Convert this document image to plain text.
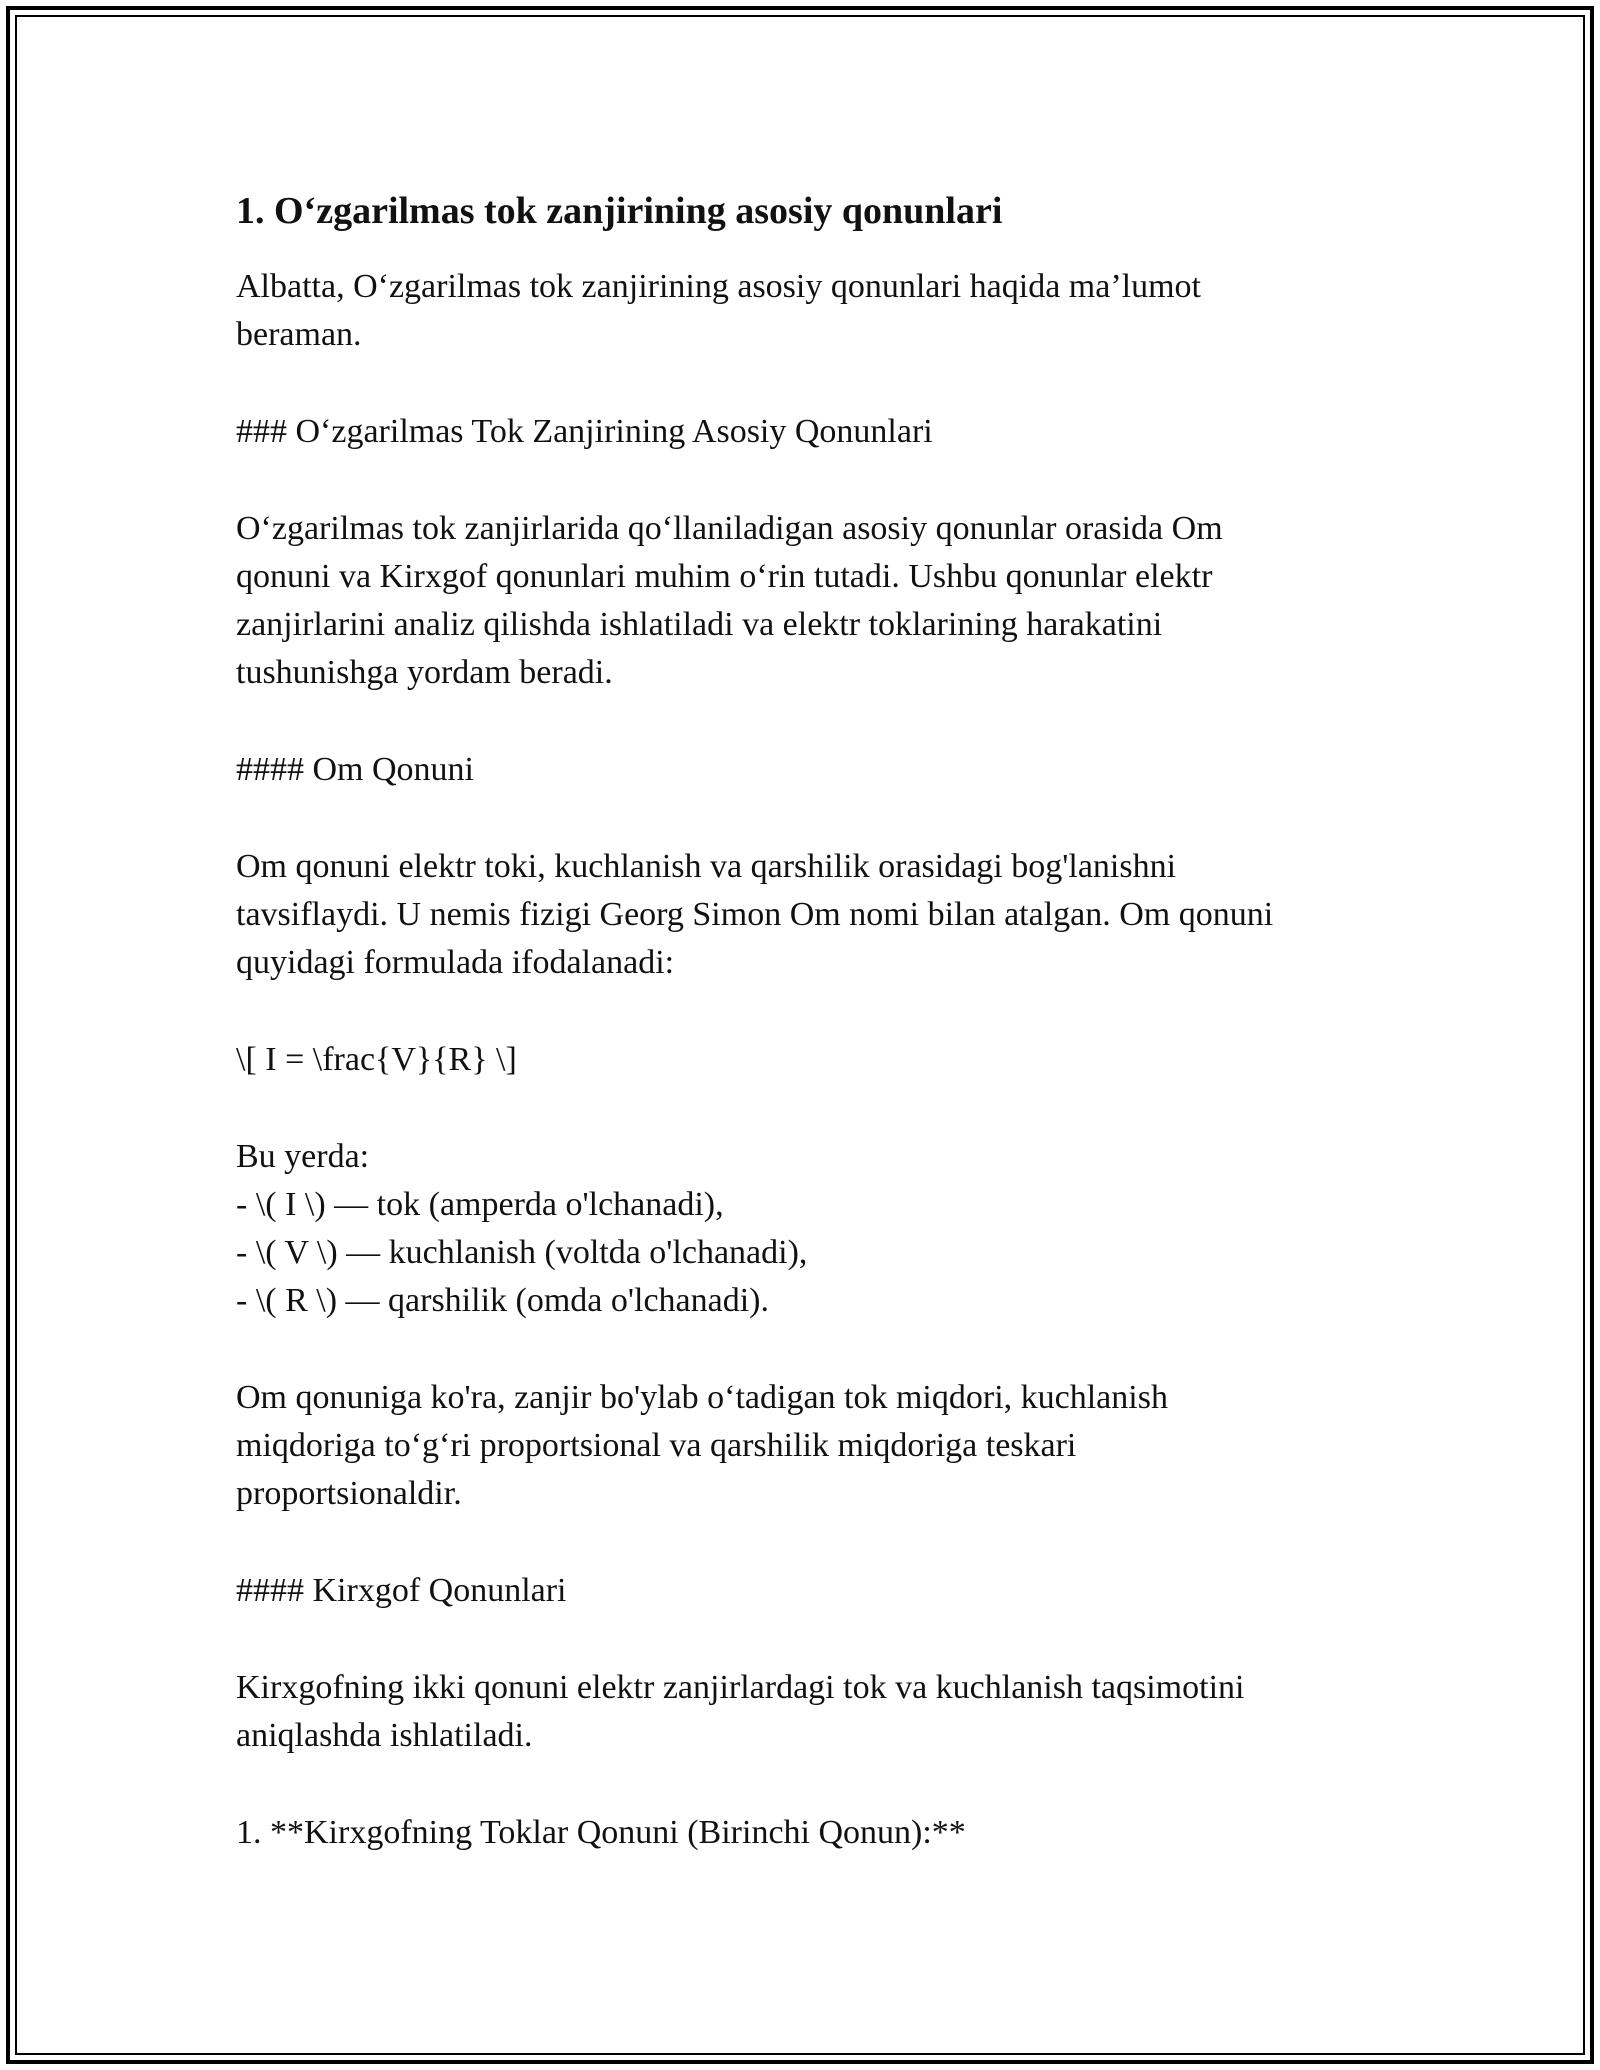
1. O‘zgarilmas tok zanjirining asosiy qonunlari

Albatta, O‘zgarilmas tok zanjirining asosiy qonunlari haqida ma’lumot
beraman.

### O‘zgarilmas Tok Zanjirining Asosiy Qonunlari

O‘zgarilmas tok zanjirlarida qo‘llaniladigan asosiy qonunlar orasida Om
qonuni va Kirxgof qonunlari muhim o‘rin tutadi. Ushbu qonunlar elektr
zanjirlarini analiz qilishda ishlatiladi va elektr toklarining harakatini
tushunishga yordam beradi.

#### Om Qonuni

Om qonuni elektr toki, kuchlanish va qarshilik orasidagi bog'lanishni
tavsiflaydi. U nemis fizigi Georg Simon Om nomi bilan atalgan. Om qonuni
quyidagi formulada ifodalanadi:

\[ I = \frac{V}{R} \]

Bu yerda:
- \( I \) — tok (amperda o'lchanadi),
- \( V \) — kuchlanish (voltda o'lchanadi),
- \( R \) — qarshilik (omda o'lchanadi).

Om qonuniga ko'ra, zanjir bo'ylab o‘tadigan tok miqdori, kuchlanish
miqdoriga to‘g‘ri proportsional va qarshilik miqdoriga teskari
proportsionaldir.

#### Kirxgof Qonunlari

Kirxgofning ikki qonuni elektr zanjirlardagi tok va kuchlanish taqsimotini
aniqlashda ishlatiladi.

1. **Kirxgofning Toklar Qonuni (Birinchi Qonun):**
